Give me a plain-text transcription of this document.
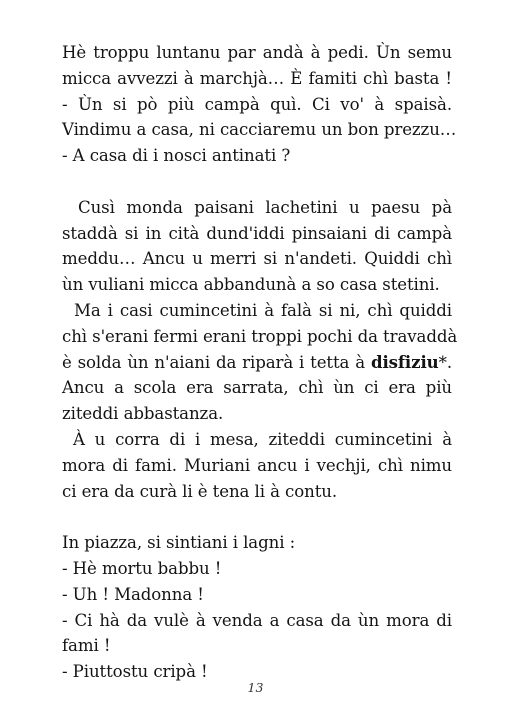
Hè troppu luntanu par andà à pedi. Ùn semu
micca avvezzi à marchjà… È famiti chì basta !
- Ùn si pò più campà quì. Ci vo' à spaisà.
Vindimu a casa, ni cacciaremu un bon prezzu…
- A casa di i nosci antinati ?
Cusì monda paisani lachetini u paesu pà
staddà si in cità dund'iddi pinsaiani di campà
meddu… Ancu u merri si n'andeti. Quiddi chì
ùn vuliani micca abbandunà a so casa stetini.
Ma i casi cumincetini à falà si ni, chì quiddi
chì s'erani fermi erani troppi pochi da travaddà
è solda ùn n'aiani da riparà i tetta à disfiziu*.
Ancu a scola era sarrata, chì ùn ci era più
ziteddi abbastanza.
À u corra di i mesa, ziteddi cumincetini à
mora di fami. Muriani ancu i vechji, chì nimu
ci era da curà li è tena li à contu.
In piazza, si sintiani i lagni :
- Hè mortu babbu !
- Uh ! Madonna !
- Ci hà da vulè à venda a casa da ùn mora di
fami !
- Piuttostu cripà !
13
